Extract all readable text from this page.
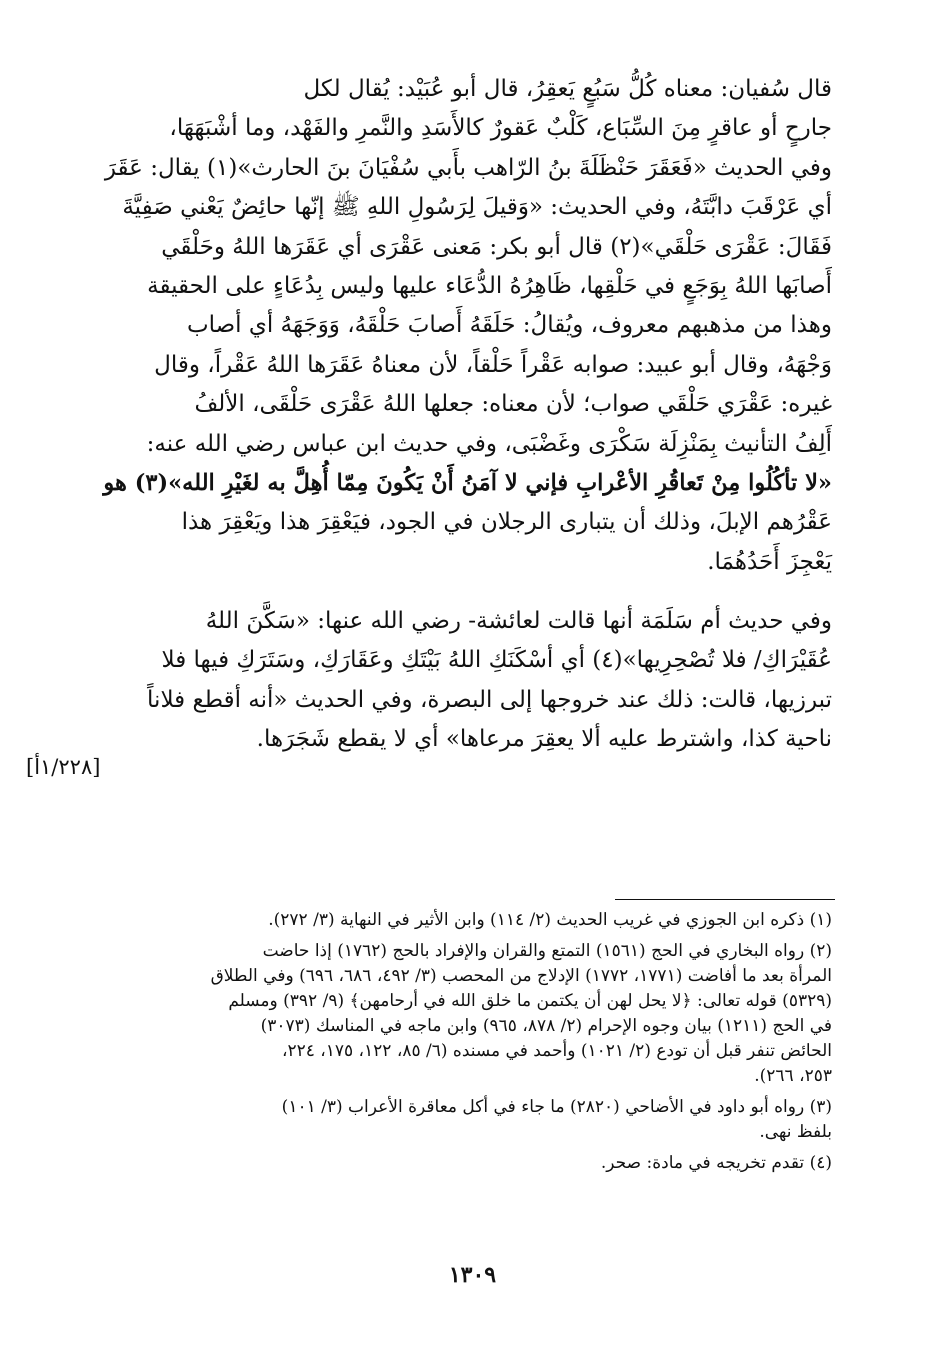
قال سُفيان: معناه كُلُّ سَبُعٍ يَعقِرُ، قال أبو عُبَيْد: يُقال لكل
جارحٍ أو عاقرٍ مِنَ السِّبَاع، كَلْبٌ عَقورٌ كالأَسَدِ والنَّمرِ والفَهْد، وما أشْبَهَهَا،
وفي الحديث «فَعَقَرَ حَنْظَلَةَ بنُ الرّاهب بأَبي سُفْيَانَ بنَ الحارث»(١) يقال: عَقَرَ
أي عَرْقَبَ دابَّتَهُ، وفي الحديث: «وَقيلَ لِرَسُولِ اللهِ ﷺ إنّها حائِضٌ يَعْني صَفِيَّةَ
فَقَالَ: عَقْرَى حَلْقَي»(٢) قال أبو بكر: مَعنى عَقْرَى أي عَقَرَها اللهُ وحَلْقَي
أَصابَها اللهُ بِوَجَعٍ في حَلْقِها، ظَاهِرُهُ الدُّعَاء عليها وليس بِدُعَاءٍ على الحقيقة
وهذا من مذهبهم معروف، ويُقالُ: حَلَقَهُ أَصابَ حَلْقَهُ، وَوَجَهَهُ أي أصاب
وَجْهَهُ، وقال أبو عبيد: صوابه عَقْراً حَلْقاً، لأن معناهُ عَقَرَها اللهُ عَقْراً، وقال
غيره: عَقْرَي حَلْقَي صواب؛ لأن معناه: جعلها اللهُ عَقْرَى حَلْقَى، الألفُ
أَلِفُ التأنيث بِمَنْزِلَة سَكْرَى وغَضْبَى، وفي حديث ابن عباس رضي الله عنه:
«لا تأكُلُوا مِنْ تَعاقُرِ الأعْرابِ فإني لا آمَنُ أَنْ يَكُونَ مِمّا أُهِلَّ به لغَيْرِ الله»(٣) هو
عَقْرُهم الإبلَ، وذلك أن يتبارى الرجلان في الجود، فيَعْقِرَ هذا ويَعْقِرَ هذا
يَعْجِزَ أَحَدُهُمَا.
وفي حديث أم سَلَمَة أنها قالت لعائشة- رضي الله عنها: «سَكَّنَ اللهُ
عُقَيْرَاكِ/ فلا تُصْحِرِيها»(٤) أي أسْكَنَكِ اللهُ بَيْتَكِ وعَقَارَكِ، وسَتَرَكِ فيها فلا
تبرزيها، قالت: ذلك عند خروجها إلى البصرة، وفي الحديث «أنه أقطع فلاناً
ناحية كذا، واشترط عليه ألا يعقِرَ مرعاها» أي لا يقطع شَجَرَها.
[١/٢٢٨أ]
(١) ذكره ابن الجوزي في غريب الحديث (٢/ ١١٤) وابن الأثير في النهاية (٣/ ٢٧٢).
(٢) رواه البخاري في الحج (١٥٦١) التمتع والقران والإفراد بالحج (١٧٦٢) إذا حاضت
المرأة بعد ما أفاضت (١٧٧١، ١٧٧٢) الإدلاج من المحصب (٣/ ٤٩٢، ٦٨٦، ٦٩٦) وفي الطلاق
(٥٣٢٩) قوله تعالى: ﴿لا يحل لهن أن يكتمن ما خلق الله في أرحامهن﴾ (٩/ ٣٩٢) ومسلم
في الحج (١٢١١) بيان وجوه الإحرام (٢/ ٨٧٨، ٩٦٥) وابن ماجه في المناسك (٣٠٧٣)
الحائض تنفر قبل أن تودع (٢/ ١٠٢١) وأحمد في مسنده (٦/ ٨٥، ١٢٢، ١٧٥، ٢٢٤،
٢٥٣، ٢٦٦).
(٣) رواه أبو داود في الأضاحي (٢٨٢٠) ما جاء في أكل معاقرة الأعراب (٣/ ١٠١)
بلفظ نهى.
(٤) تقدم تخريجه في مادة: صحر.
١٣٠٩
